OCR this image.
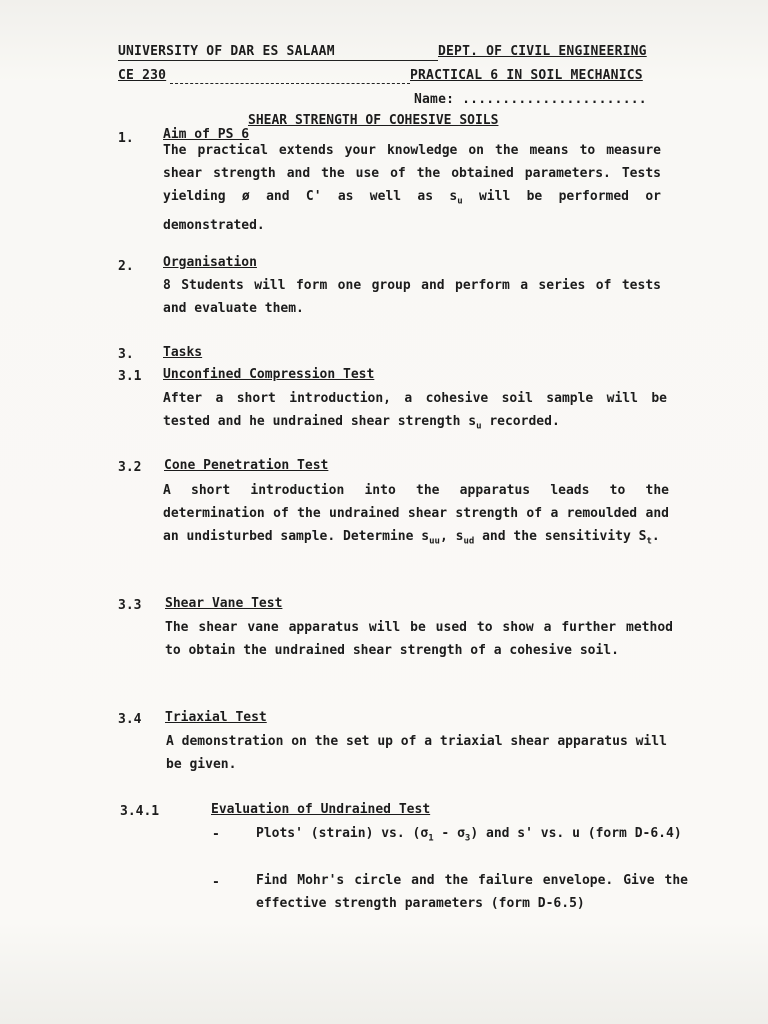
UNIVERSITY OF DAR ES SALAAM	DEPT. OF CIVIL ENGINEERING
CE 230	PRACTICAL 6 IN SOIL MECHANICS
Name: .......................
SHEAR STRENGTH OF COHESIVE SOILS
1. Aim of PS 6
The practical extends your knowledge on the means to measure shear strength and the use of the obtained parameters. Tests yielding ø and C' as well as $s_u$ will be performed or demonstrated.
2. Organisation
8 Students will form one group and perform a series of tests and evaluate them.
3. Tasks
3.1 Unconfined Compression Test
After a short introduction, a cohesive soil sample will be tested and he undrained shear strength $s_u$ recorded.
3.2 Cone Penetration Test
A short introduction into the apparatus leads to the determination of the undrained shear strength of a remoulded and an undisturbed sample. Determine $s_{uu}$, $s_{ud}$ and the sensitivity $S_t$.
3.3 Shear Vane Test
The shear vane apparatus will be used to show a further method to obtain the undrained shear strength of a cohesive soil.
3.4 Triaxial Test
A demonstration on the set up of a triaxial shear apparatus will be given.
3.4.1	Evaluation of Undrained Test
-	Plots' (strain) vs. $(\sigma_1 - \sigma_3)$ and s' vs. u (form D-6.4)
-	Find Mohr's circle and the failure envelope. Give the effective strength parameters (form D-6.5)
